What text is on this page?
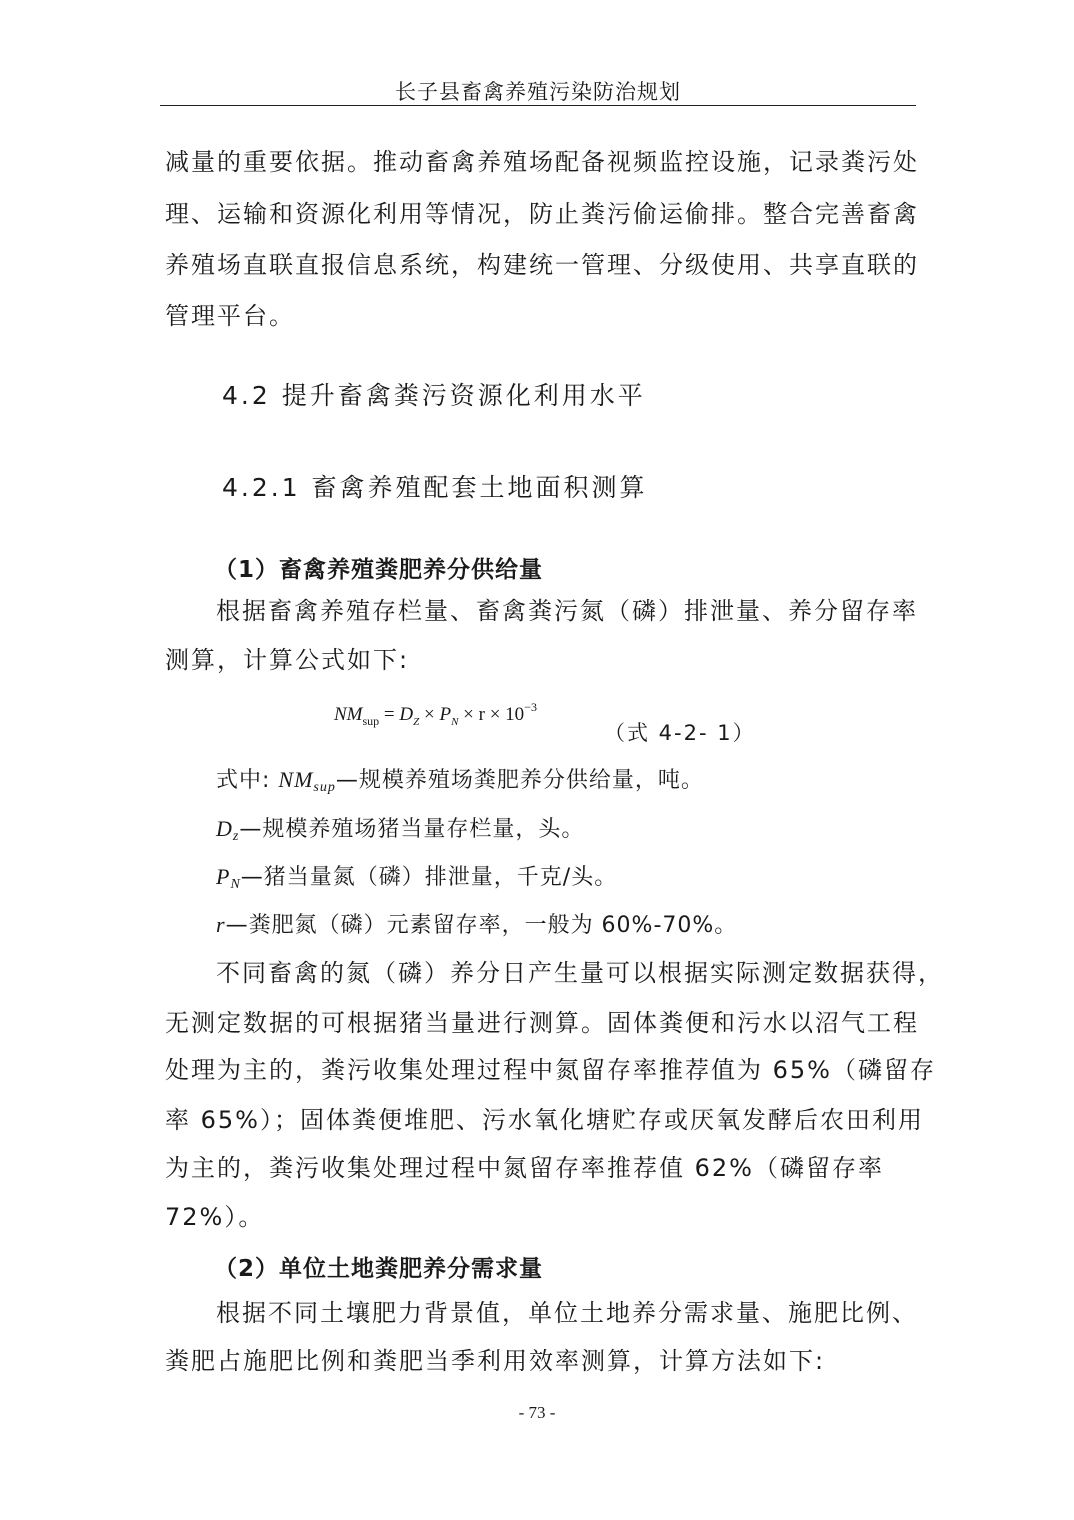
长子县畜禽养殖污染防治规划
减量的重要依据。推动畜禽养殖场配备视频监控设施，记录粪污处
理、运输和资源化利用等情况，防止粪污偷运偷排。整合完善畜禽
养殖场直联直报信息系统，构建统一管理、分级使用、共享直联的
管理平台。
4.2 提升畜禽粪污资源化利用水平
4.2.1 畜禽养殖配套土地面积测算
（1）畜禽养殖粪肥养分供给量
根据畜禽养殖存栏量、畜禽粪污氮（磷）排泄量、养分留存率
测算，计算公式如下:
$NM_{sup} = D_Z \times P_N \times r \times 10^{-3}$
（式 4-2- 1）
式中: NMsup—规模养殖场粪肥养分供给量，吨。
Dz—规模养殖场猪当量存栏量，头。
PN—猪当量氮（磷）排泄量，千克/头。
r—粪肥氮（磷）元素留存率，一般为 60%-70%。
不同畜禽的氮（磷）养分日产生量可以根据实际测定数据获得，
无测定数据的可根据猪当量进行测算。固体粪便和污水以沼气工程
处理为主的，粪污收集处理过程中氮留存率推荐值为 65%（磷留存
率 65%）；固体粪便堆肥、污水氧化塘贮存或厌氧发酵后农田利用
为主的，粪污收集处理过程中氮留存率推荐值 62%（磷留存率
72%）。
（2）单位土地粪肥养分需求量
根据不同土壤肥力背景值，单位土地养分需求量、施肥比例、
粪肥占施肥比例和粪肥当季利用效率测算，计算方法如下:
- 73 -
